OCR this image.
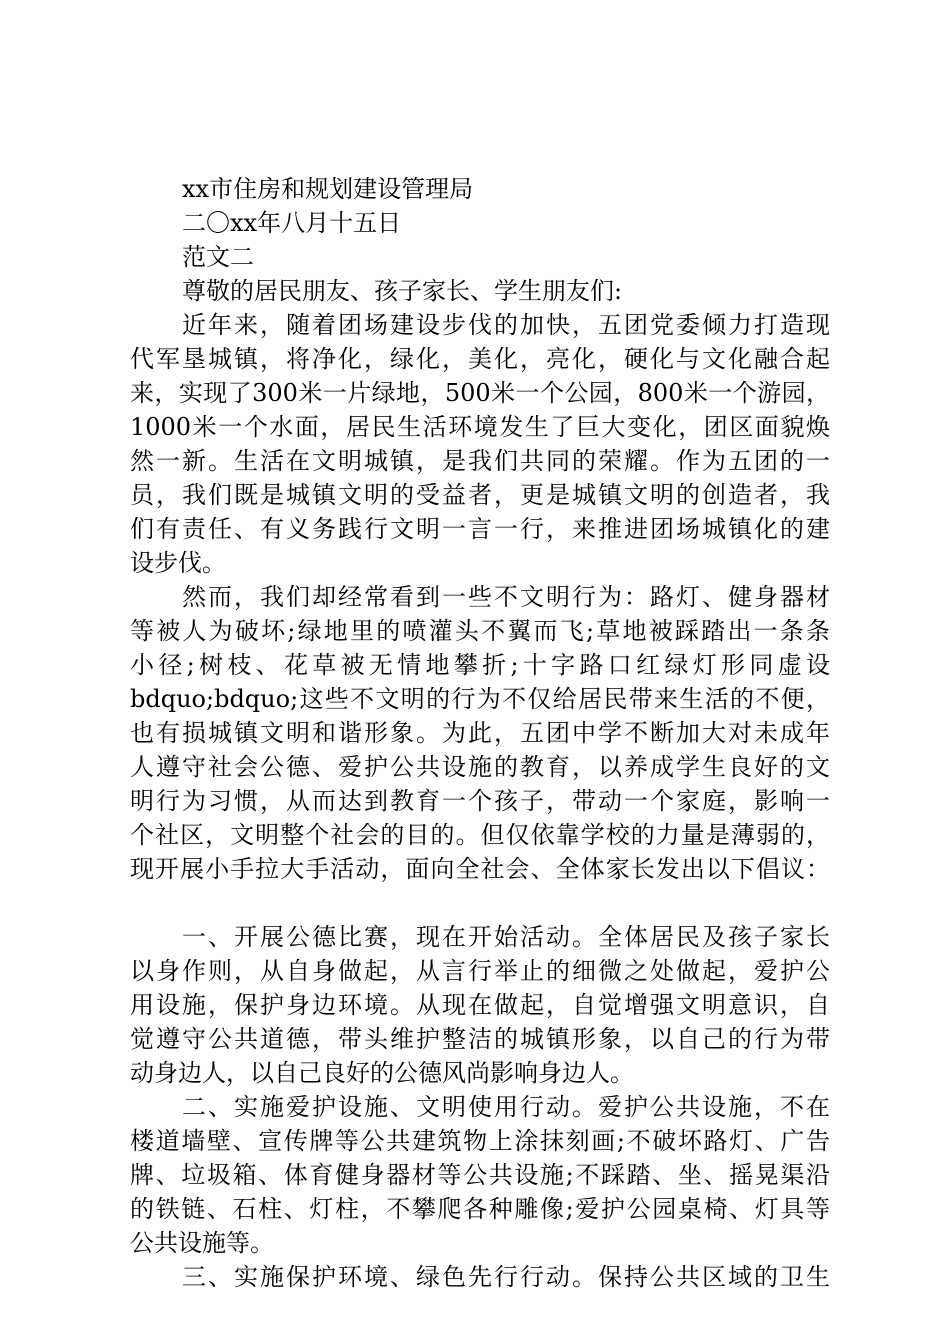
xx市住房和规划建设管理局

二〇xx年八月十五日

范文二

尊敬的居民朋友、孩子家长、学生朋友们:

近年来，随着团场建设步伐的加快，五团党委倾力打造现

代军垦城镇，将净化，绿化，美化，亮化，硬化与文化融合起

来，实现了300米一片绿地，500米一个公园，800米一个游园，

1000米一个水面，居民生活环境发生了巨大变化，团区面貌焕

然一新。生活在文明城镇，是我们共同的荣耀。作为五团的一

员，我们既是城镇文明的受益者，更是城镇文明的创造者，我

们有责任、有义务践行文明一言一行，来推进团场城镇化的建

设步伐。

然而，我们却经常看到一些不文明行为：路灯、健身器材

等被人为破坏;绿地里的喷灌头不翼而飞;草地被踩踏出一条条

小径;树枝、花草被无情地攀折;十字路口红绿灯形同虚设

bdquo;bdquo;这些不文明的行为不仅给居民带来生活的不便，

也有损城镇文明和谐形象。为此，五团中学不断加大对未成年

人遵守社会公德、爱护公共设施的教育，以养成学生良好的文

明行为习惯，从而达到教育一个孩子，带动一个家庭，影响一

个社区，文明整个社会的目的。但仅依靠学校的力量是薄弱的，

现开展小手拉大手活动，面向全社会、全体家长发出以下倡议：

一、开展公德比赛，现在开始活动。全体居民及孩子家长

以身作则，从自身做起，从言行举止的细微之处做起，爱护公

用设施，保护身边环境。从现在做起，自觉增强文明意识，自

觉遵守公共道德，带头维护整洁的城镇形象，以自己的行为带

动身边人，以自己良好的公德风尚影响身边人。

二、实施爱护设施、文明使用行动。爱护公共设施，不在

楼道墙壁、宣传牌等公共建筑物上涂抹刻画;不破坏路灯、广告

牌、垃圾箱、体育健身器材等公共设施;不踩踏、坐、摇晃渠沿

的铁链、石柱、灯柱，不攀爬各种雕像;爱护公园桌椅、灯具等

公共设施等。

三、实施保护环境、绿色先行行动。保持公共区域的卫生
